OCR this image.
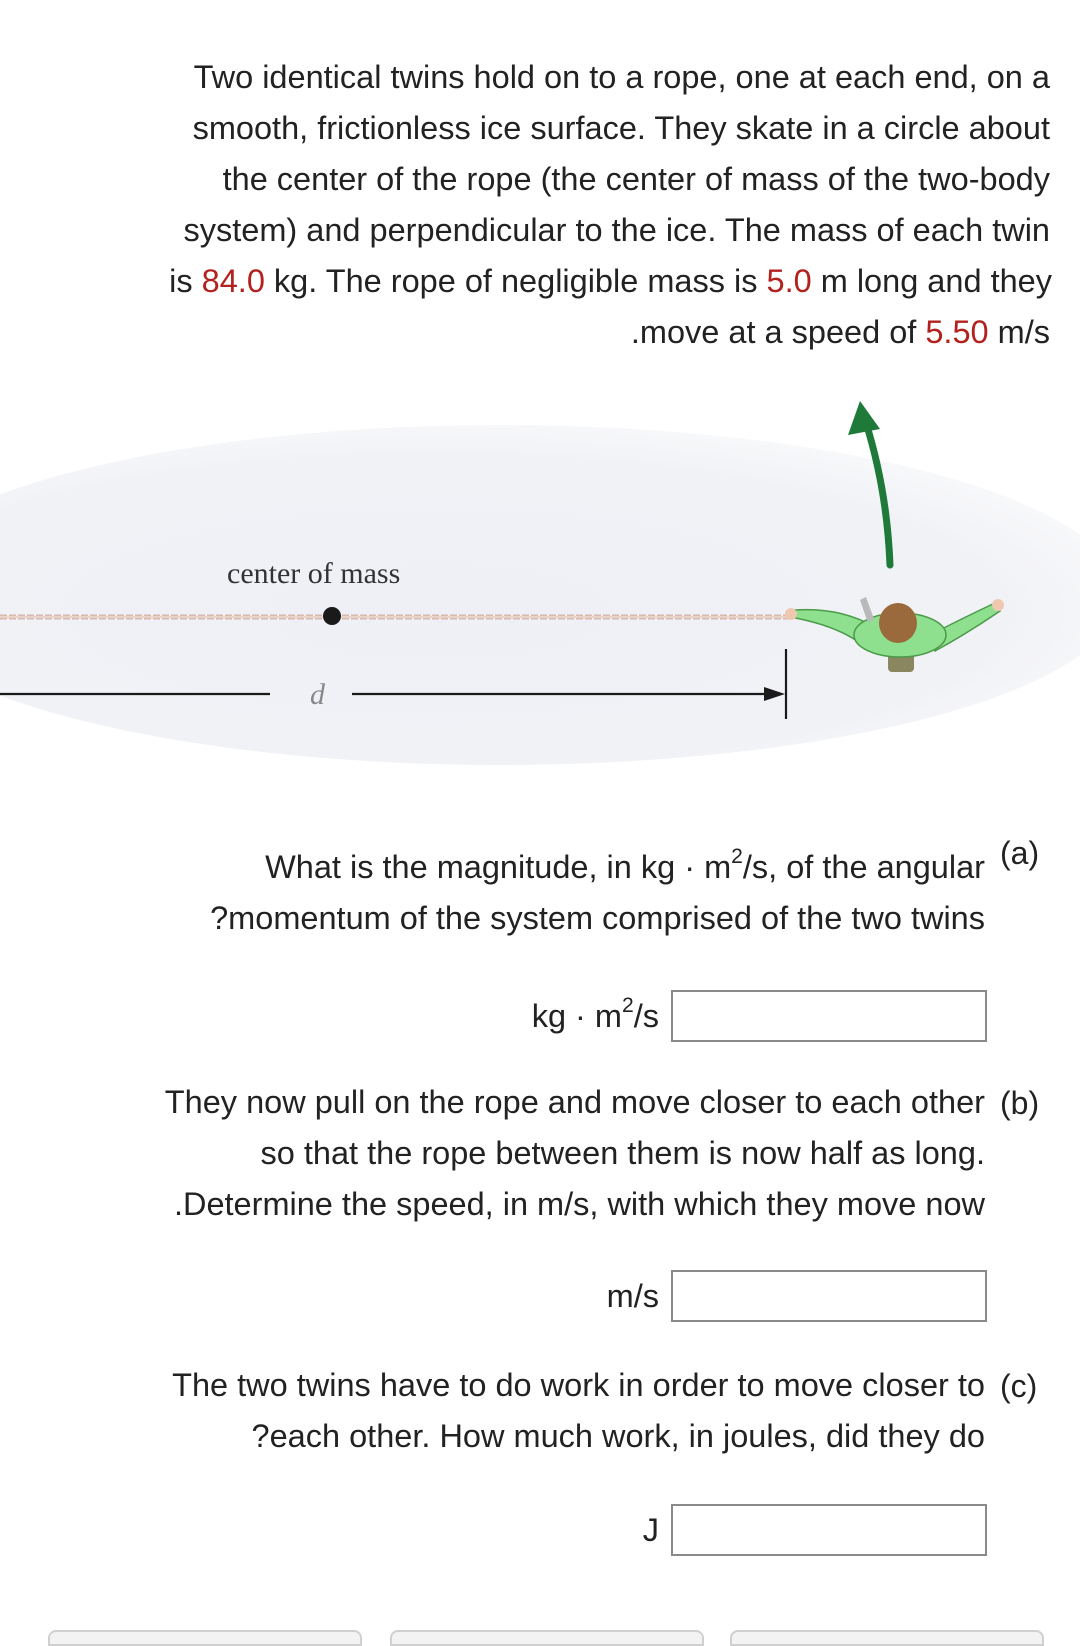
Two identical twins hold on to a rope, one at each end, on a
smooth, frictionless ice surface. They skate in a circle about
the center of the rope (the center of mass of the two-body
system) and perpendicular to the ice. The mass of each twin
is 84.0 kg. The rope of negligible mass is 5.0 m long and they
.move at a speed of 5.50 m/s
center of mass
d
(a)
What is the magnitude, in kg · $m^2/s$, of the angular
?momentum of the system comprised of the two twins
kg · $m^2/s$
(b)
They now pull on the rope and move closer to each other
so that the rope between them is now half as long.
.Determine the speed, in m/s, with which they move now
m/s
(c)
The two twins have to do work in order to move closer to
?each other. How much work, in joules, did they do
J
